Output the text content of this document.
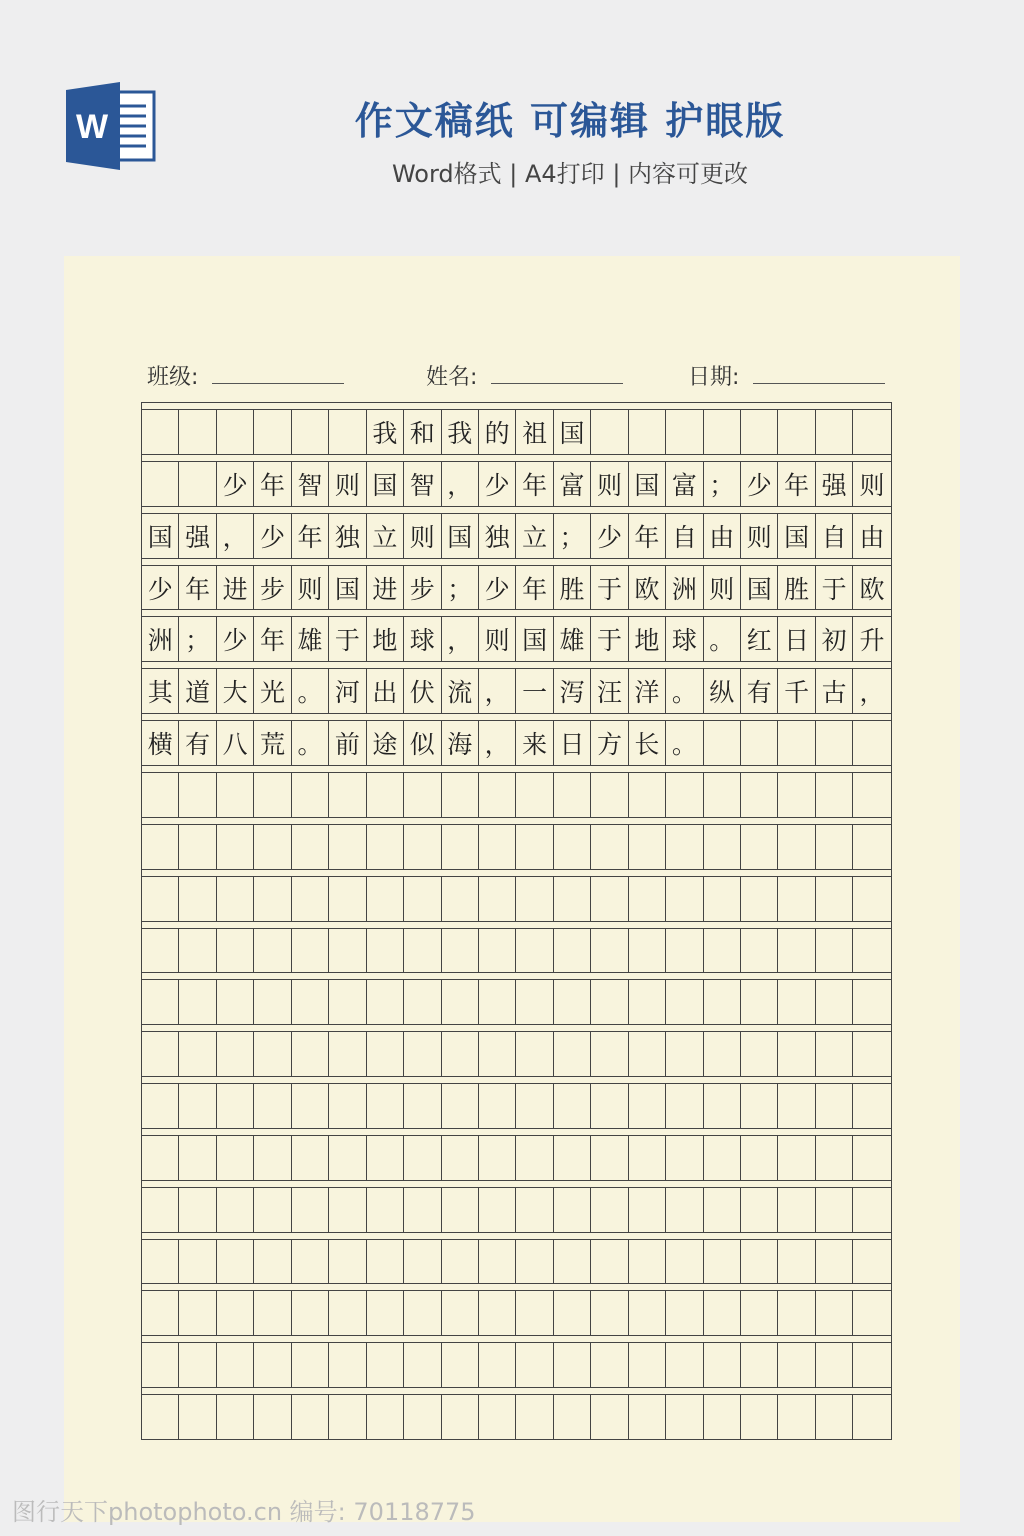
W	作文稿纸 可编辑 护眼版
Word格式 | A4打印 | 内容可更改
班级:	姓名:	日期:
我 和 我 的 祖 国
少 年 智 则 国 智 ， 少 年 富 则 国 富 ； 少 年 强 则
国 强 ， 少 年 独 立 则 国 独 立 ； 少 年 自 由 则 国 自 由
少 年 进 步 则 国 进 步 ； 少 年 胜 于 欧 洲 则 国 胜 于 欧
洲 ； 少 年 雄 于 地 球 ， 则 国 雄 于 地 球 。 红 日 初 升
其 道 大 光 。 河 出 伏 流 ， 一 泻 汪 洋 。 纵 有 千 古 ，
横 有 八 荒 。 前 途 似 海 ， 来 日 方 长 。
图行天下photophoto.cn 编号: 70118775
